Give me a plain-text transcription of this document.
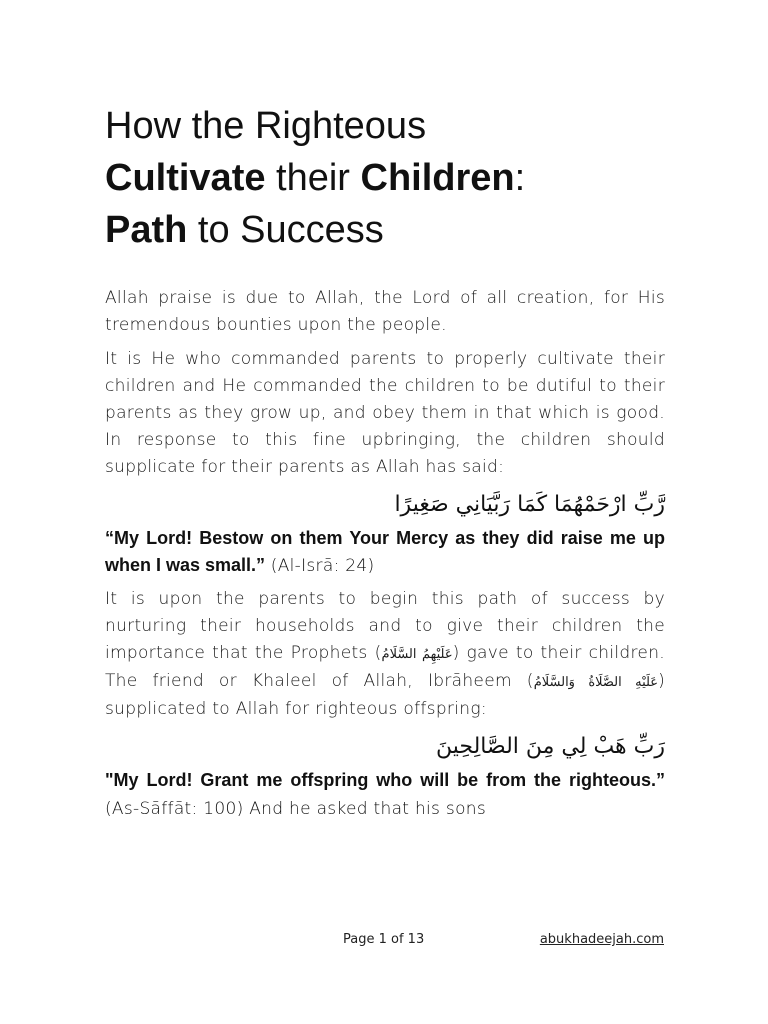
How the Righteous
Cultivate their Children:
Path to Success

Allah praise is due to Allah, the Lord of all creation, for His tremendous bounties upon the people.

It is He who commanded parents to properly cultivate their children and He commanded the children to be dutiful to their parents as they grow up, and obey them in that which is good. In response to this fine upbringing, the children should supplicate for their parents as Allah has said:

رَّبِّ ارْحَمْهُمَا كَمَا رَبَّيَانِي صَغِيرًا

“My Lord! Bestow on them Your Mercy as they did raise me up when I was small.” (Al-Isrā: 24)

It is upon the parents to begin this path of success by nurturing their households and to give their children the importance that the Prophets (عَلَيْهِمُ السَّلَامُ) gave to their children. The friend or Khaleel of Allah, Ibrāheem (عَلَيْهِ الصَّلَاةُ وَالسَّلَامُ) supplicated to Allah for righteous offspring:

رَبِّ هَبْ لِي مِنَ الصَّالِحِينَ

"My Lord! Grant me offspring who will be from the righteous.” (As-Sāffāt: 100) And he asked that his sons

Page 1 of 13	abukhadeejah.com
